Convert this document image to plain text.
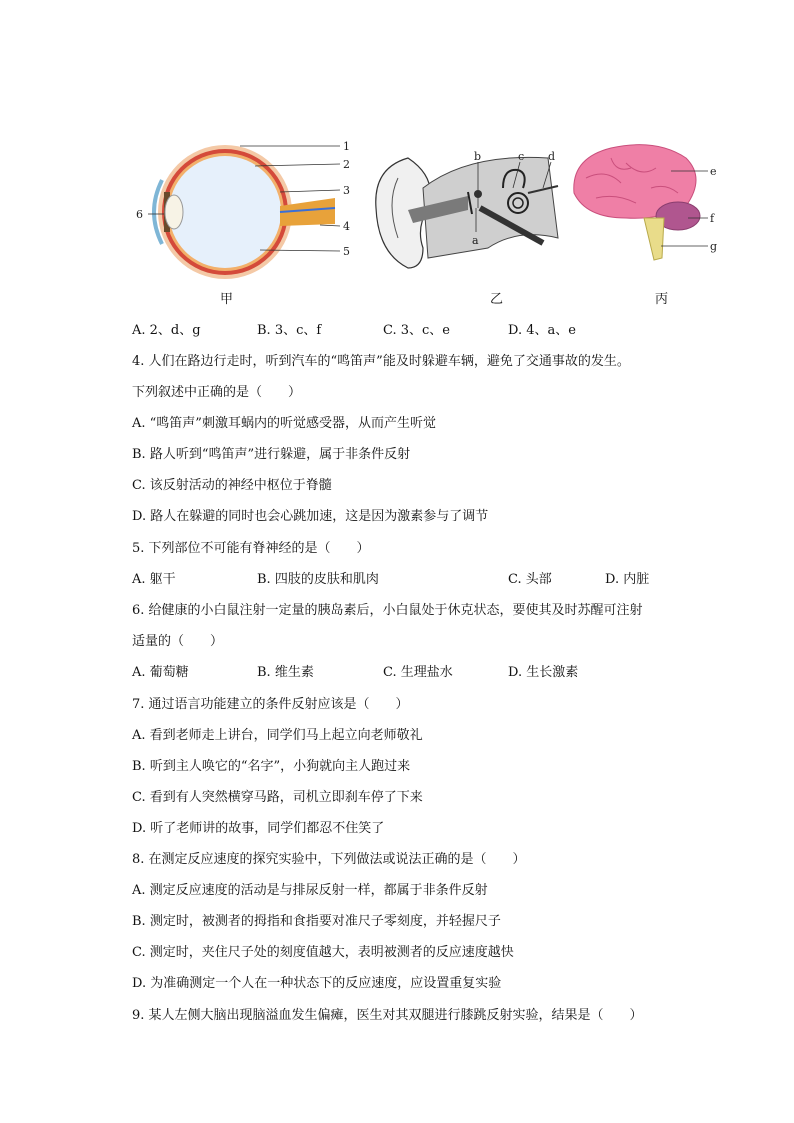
1
2
3
4
5
6
甲
b
a
c d
乙
e
f
g
丙
A. 2、d、g	B. 3、c、f	C. 3、c、e	D. 4、a、e
4. 人们在路边行走时，听到汽车的“鸣笛声”能及时躲避车辆，避免了交通事故的发生。
下列叙述中正确的是（　　）
A. “鸣笛声”刺激耳蜗内的听觉感受器，从而产生听觉
B. 路人听到“鸣笛声”进行躲避，属于非条件反射
C. 该反射活动的神经中枢位于脊髓
D. 路人在躲避的同时也会心跳加速，这是因为激素参与了调节
5. 下列部位不可能有脊神经的是（　　）
A. 躯干	B. 四肢的皮肤和肌肉	C. 头部	D. 内脏
6. 给健康的小白鼠注射一定量的胰岛素后，小白鼠处于休克状态，要使其及时苏醒可注射
适量的（　　）
A. 葡萄糖	B. 维生素	C. 生理盐水	D. 生长激素
7. 通过语言功能建立的条件反射应该是（　　）
A. 看到老师走上讲台，同学们马上起立向老师敬礼
B. 听到主人唤它的“名字”，小狗就向主人跑过来
C. 看到有人突然横穿马路，司机立即刹车停了下来
D. 听了老师讲的故事，同学们都忍不住笑了
8. 在测定反应速度的探究实验中，下列做法或说法正确的是（　　）
A. 测定反应速度的活动是与排尿反射一样，都属于非条件反射
B. 测定时，被测者的拇指和食指要对准尺子零刻度，并轻握尺子
C. 测定时，夹住尺子处的刻度值越大，表明被测者的反应速度越快
D. 为准确测定一个人在一种状态下的反应速度，应设置重复实验
9. 某人左侧大脑出现脑溢血发生偏瘫，医生对其双腿进行膝跳反射实验，结果是（　　）
